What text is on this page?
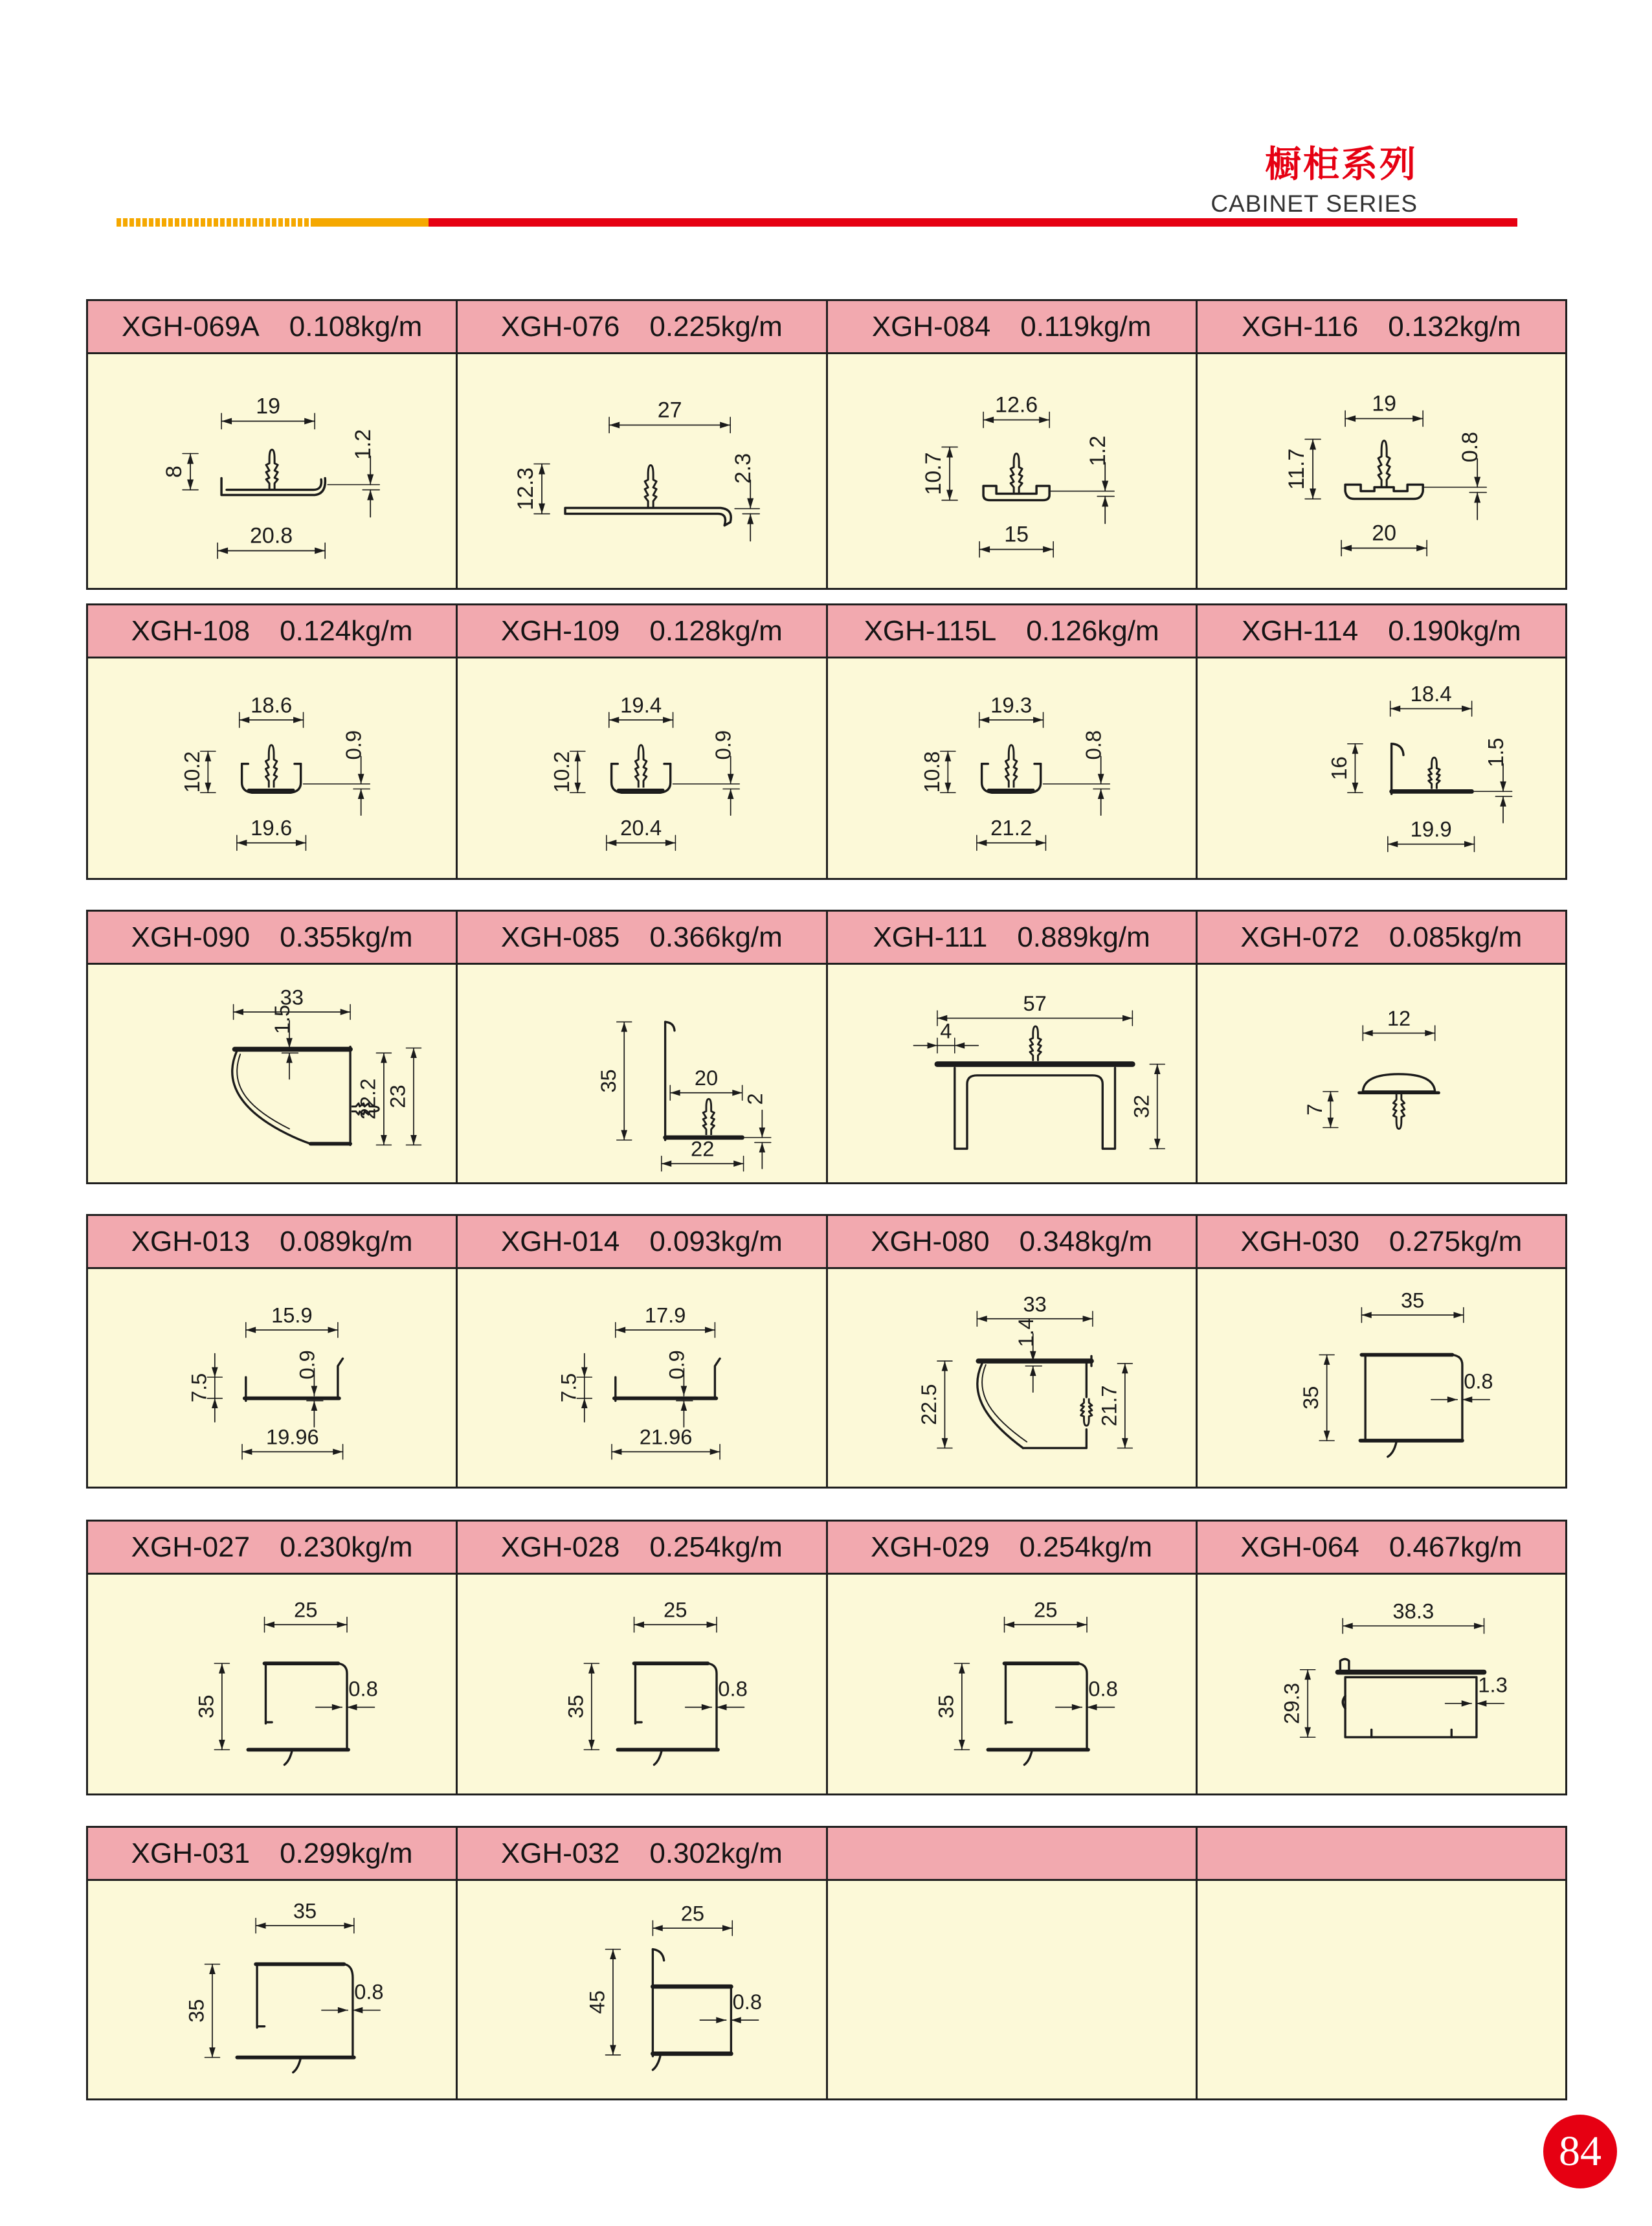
橱柜系列
CABINET SERIES
XGH-069A 0.108kg/m	XGH-076 0.225kg/m	XGH-084 0.119kg/m	XGH-116 0.132kg/m
19
8
1.2
20.8
27
12.3	2.3
12.6
10.7
1.2
15
19
11.7
0.8
20
XGH-108 0.124kg/m	XGH-109 0.128kg/m	XGH-115L 0.126kg/m	XGH-114 0.190kg/m
18.6
10.2
0.9
19.6
19.4
10.2
0.9
20.4
19.3
10.8
0.8
21.2
18.4
16
1.5
19.9
XGH-090 0.355kg/m	XGH-085 0.366kg/m	XGH-111 0.889kg/m	XGH-072 0.085kg/m
33
1.5
22.2 23
35	20
2
22
57
4
32
12
7
XGH-013 0.089kg/m	XGH-014 0.093kg/m	XGH-080 0.348kg/m	XGH-030 0.275kg/m
0.9
15.9
7.5
19.96
0.9
17.9
7.5
21.96
33
1.4
22.5	21.7
35
35
0.8
XGH-027 0.230kg/m	XGH-028 0.254kg/m	XGH-029 0.254kg/m	XGH-064 0.467kg/m
25
35
0.8
25
35
0.8
25
35
0.8
38.3
29.3	1.3
XGH-031 0.299kg/m	XGH-032 0.302kg/m
35
35
0.8
25
45	0.8
84
